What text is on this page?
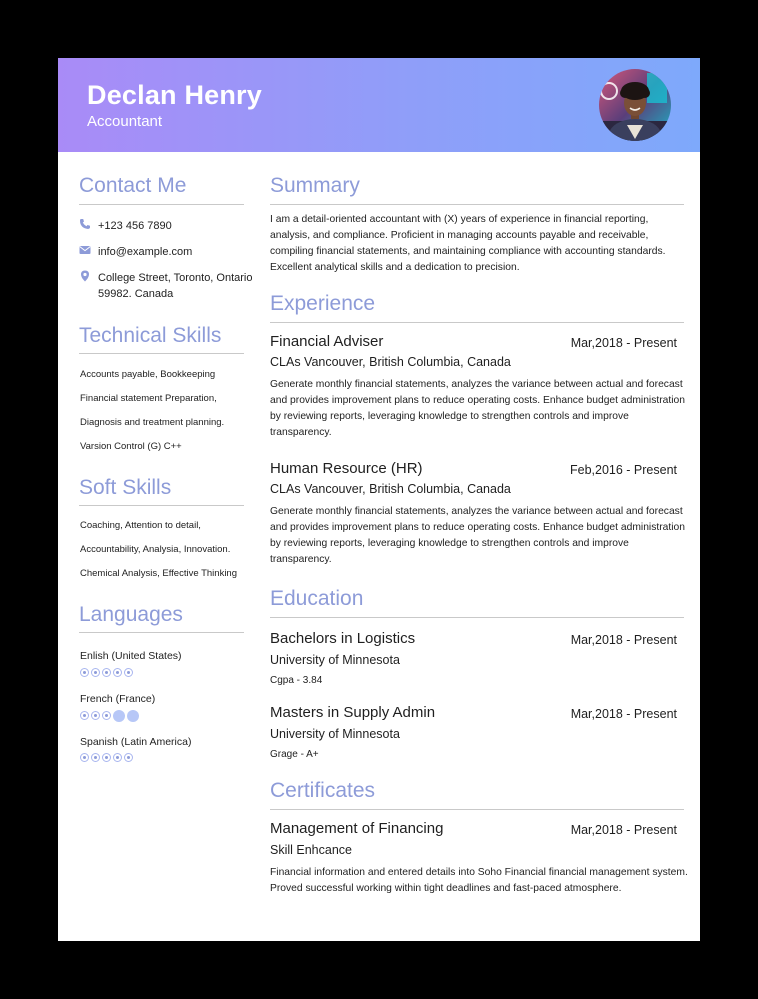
Declan Henry
Accountant
Contact Me
+123 456 7890
info@example.com
College Street, Toronto, Ontario 59982. Canada
Technical Skills
Accounts payable, Bookkeeping
Financial statement Preparation,
Diagnosis and treatment planning.
Varsion Control (G) C++
Soft Skills
Coaching, Attention to detail,
Accountability, Analysia, Innovation.
Chemical Analysis, Effective Thinking
Languages
Enlish (United States)
French (France)
Spanish (Latin America)
Summary

I am a detail-oriented accountant with (X) years of experience in financial reporting, analysis, and compliance. Proficient in managing accounts payable and receivable, compiling financial statements, and maintaining compliance with accounting standards. Excellent analytical skills and a dedication to precision.

Experience
Financial Adviser	Mar,2018 - Present
CLAs Vancouver, British Columbia, Canada

Generate monthly financial statements, analyzes the variance between actual and forecast and provides improvement plans to reduce operating costs. Enhance budget administration by reviewing reports, leveraging knowledge to strengthen controls and improve transparency.

Human Resource (HR)	Feb,2016 - Present
CLAs Vancouver, British Columbia, Canada

Generate monthly financial statements, analyzes the variance between actual and forecast and provides improvement plans to reduce operating costs. Enhance budget administration by reviewing reports, leveraging knowledge to strengthen controls and improve transparency.

Education
Bachelors in Logistics	Mar,2018 - Present
University of Minnesota
Cgpa - 3.84
Masters in Supply Admin	Mar,2018 - Present
University of Minnesota
Grage - A+
Certificates
Management of Financing	Mar,2018 - Present
Skill Enhcance

Financial information and entered details into Soho Financial financial management system. Proved successful working within tight deadlines and fast-paced atmosphere.
